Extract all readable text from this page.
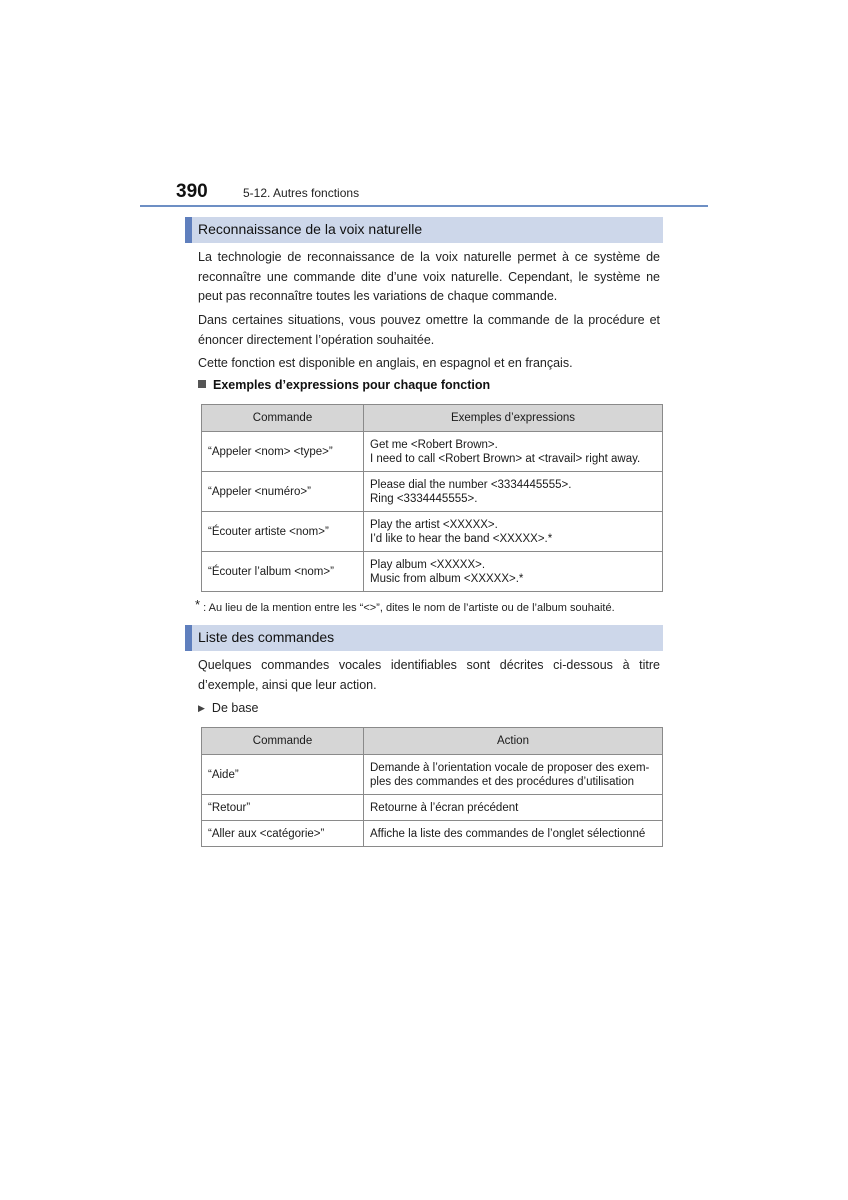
390	5-12. Autres fonctions
Reconnaissance de la voix naturelle

La technologie de reconnaissance de la voix naturelle permet à ce système de reconnaître une commande dite d’une voix naturelle. Cependant, le système ne peut pas reconnaître toutes les variations de chaque commande.

Dans certaines situations, vous pouvez omettre la commande de la procédure et énoncer directement l’opération souhaitée.

Cette fonction est disponible en anglais, en espagnol et en français.

Exemples d’expressions pour chaque fonction
Commande	Exemples d’expressions
“Appeler <nom> <type>”	Get me <Robert Brown>.
I need to call <Robert Brown> at <travail> right away.

“Appeler <numéro>”	Please dial the number <3334445555>.
Ring <3334445555>.

“Écouter artiste <nom>”	Play the artist <XXXXX>.
I’d like to hear the band <XXXXX>.*

“Écouter l’album <nom>”	Play album <XXXXX>.
Music from album <XXXXX>.*
* : Au lieu de la mention entre les “<>”, dites le nom de l’artiste ou de l’album souhaité.
Liste des commandes

Quelques commandes vocales identifiables sont décrites ci-dessous à titre d’exemple, ainsi que leur action.

▶ De base
Commande	Action
“Aide”	Demande à l’orientation vocale de proposer des exem-
ples des commandes et des procédures d’utilisation

“Retour”	Retourne à l’écran précédent
“Aller aux <catégorie>”	Affiche la liste des commandes de l’onglet sélectionné
